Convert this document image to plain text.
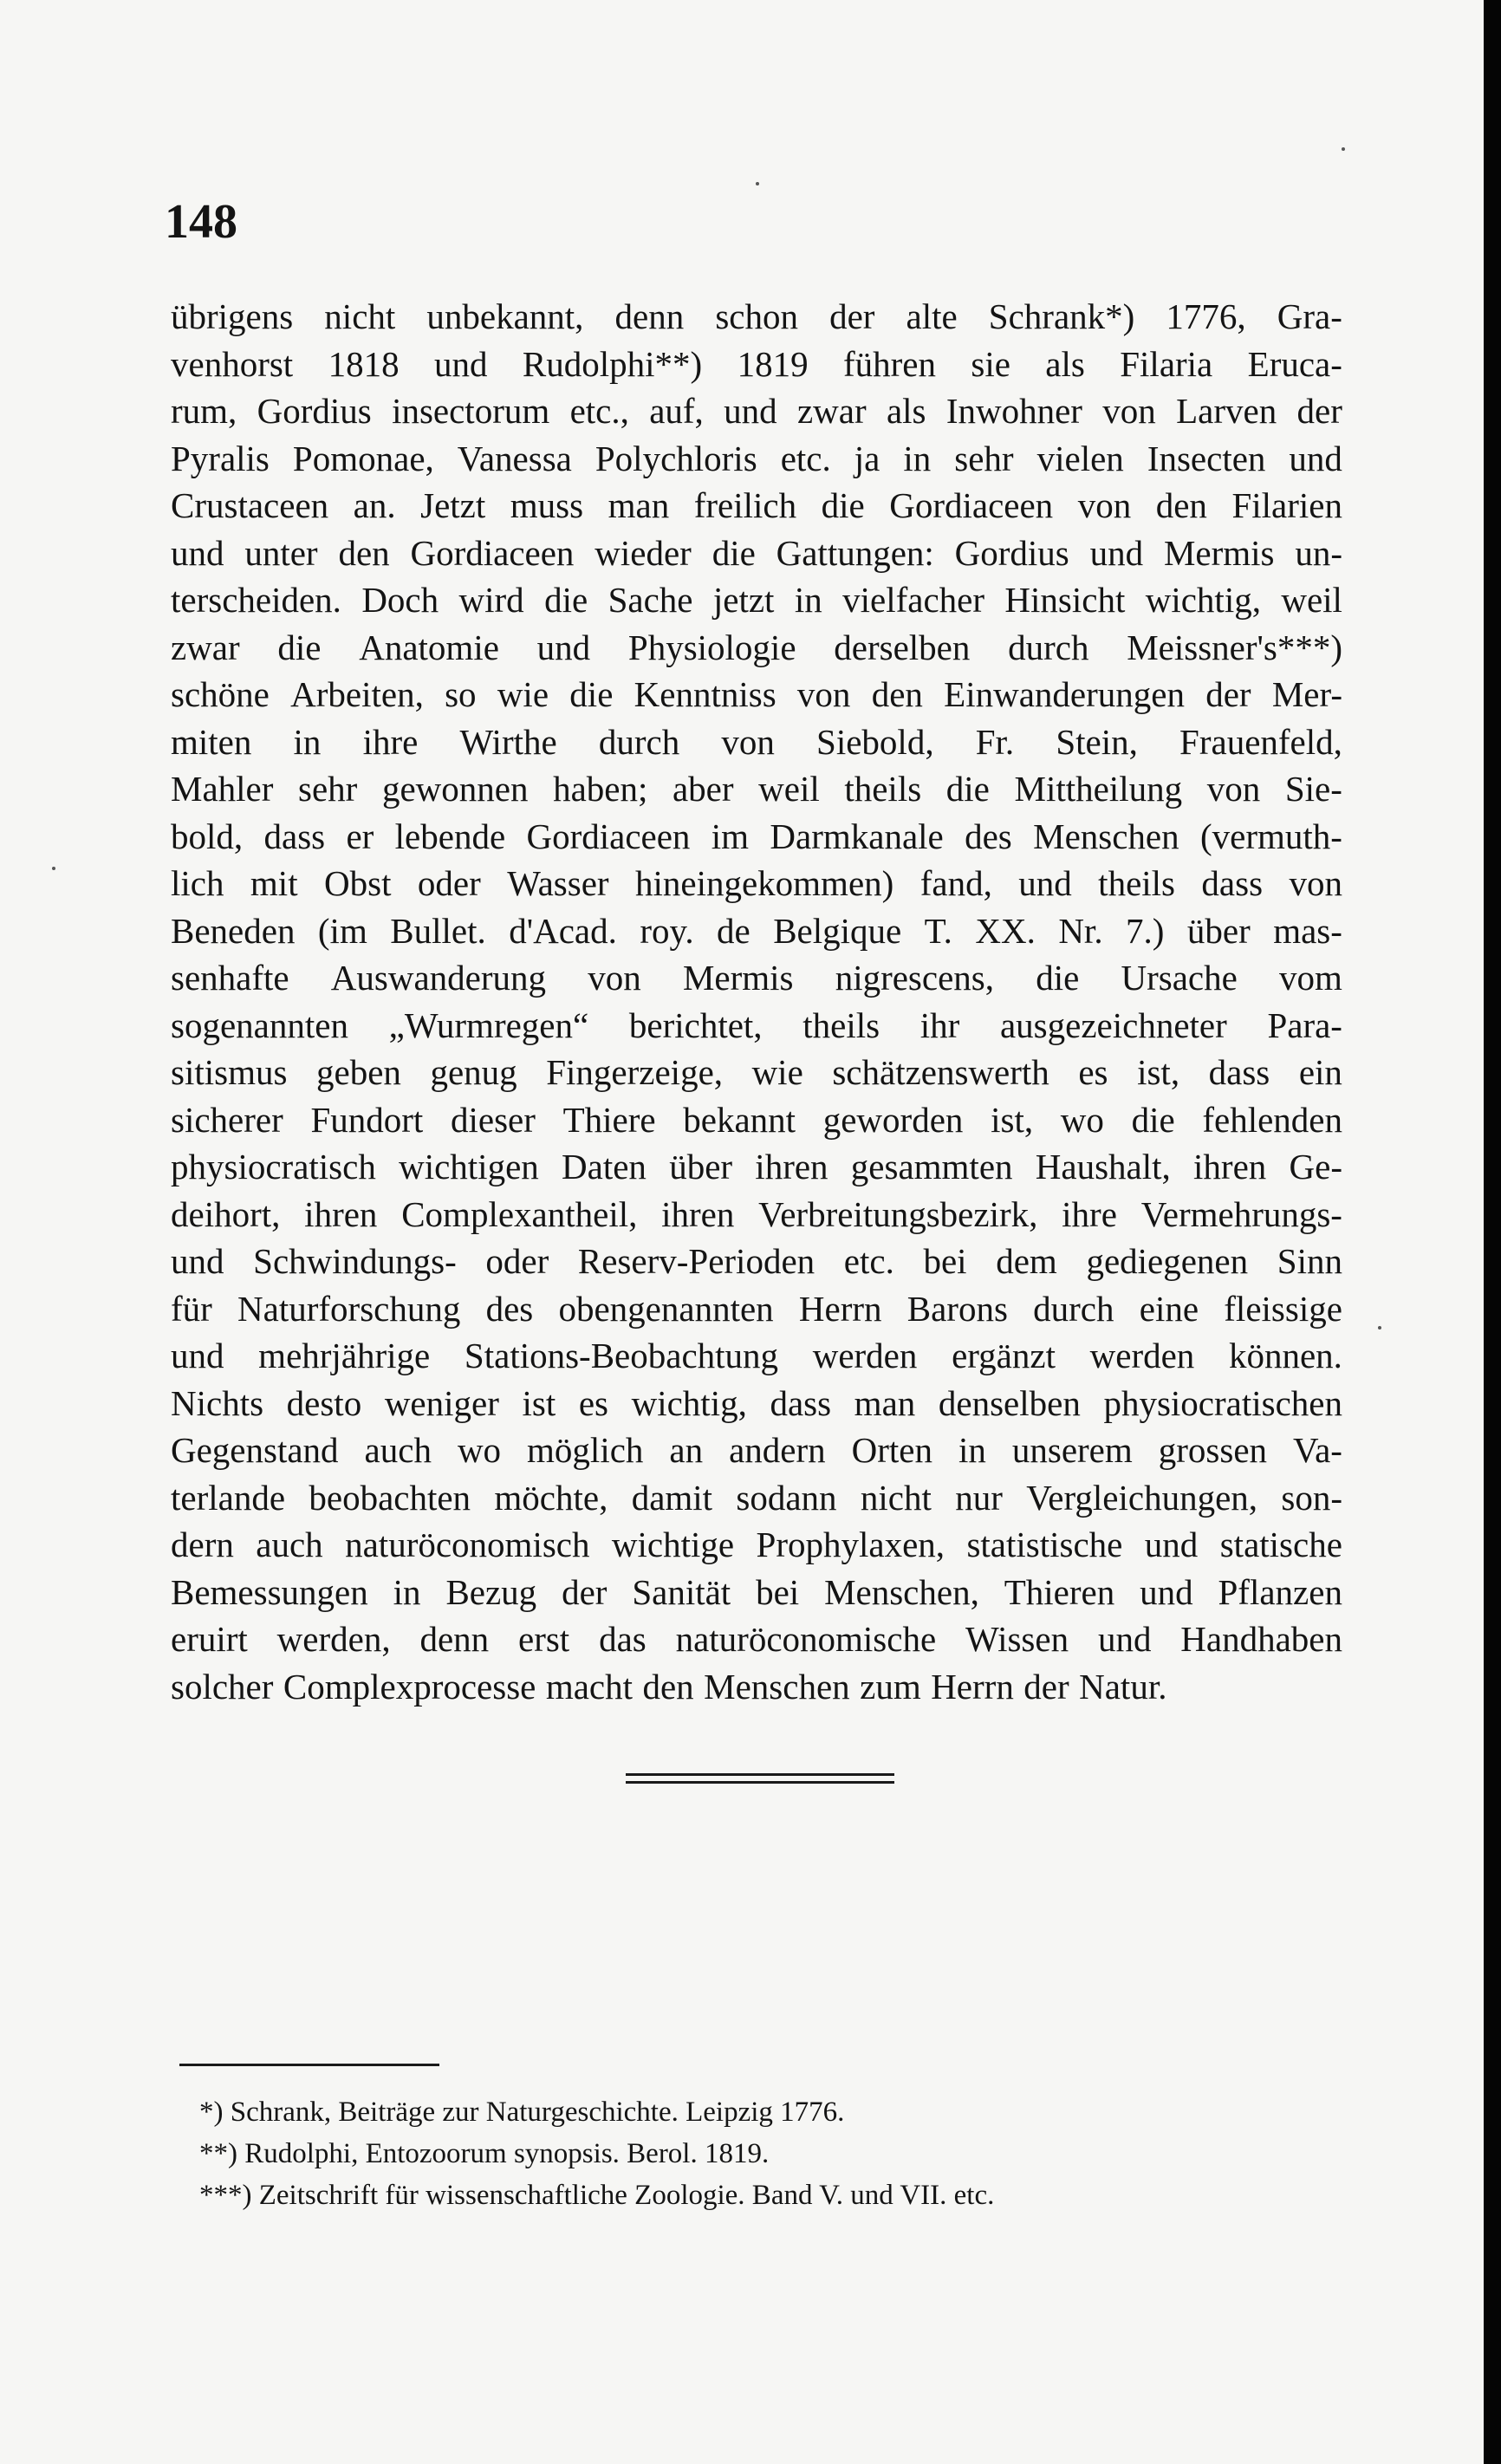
148
übrigens nicht unbekannt, denn schon der alte Schrank*) 1776, Gra-
venhorst 1818 und Rudolphi**) 1819 führen sie als Filaria Eruca-
rum, Gordius insectorum etc., auf, und zwar als Inwohner von Larven der
Pyralis Pomonae, Vanessa Polychloris etc. ja in sehr vielen Insecten und
Crustaceen an. Jetzt muss man freilich die Gordiaceen von den Filarien
und unter den Gordiaceen wieder die Gattungen: Gordius und Mermis un-
terscheiden. Doch wird die Sache jetzt in vielfacher Hinsicht wichtig, weil
zwar die Anatomie und Physiologie derselben durch Meissner's***)
schöne Arbeiten, so wie die Kenntniss von den Einwanderungen der Mer-
miten in ihre Wirthe durch von Siebold, Fr. Stein, Frauenfeld,
Mahler sehr gewonnen haben; aber weil theils die Mittheilung von Sie-
bold, dass er lebende Gordiaceen im Darmkanale des Menschen (vermuth-
lich mit Obst oder Wasser hineingekommen) fand, und theils dass von
Beneden (im Bullet. d'Acad. roy. de Belgique T. XX. Nr. 7.) über mas-
senhafte Auswanderung von Mermis nigrescens, die Ursache vom
sogenannten „Wurmregen“ berichtet, theils ihr ausgezeichneter Para-
sitismus geben genug Fingerzeige, wie schätzenswerth es ist, dass ein
sicherer Fundort dieser Thiere bekannt geworden ist, wo die fehlenden
physiocratisch wichtigen Daten über ihren gesammten Haushalt, ihren Ge-
deihort, ihren Complexantheil, ihren Verbreitungsbezirk, ihre Vermehrungs-
und Schwindungs- oder Reserv-Perioden etc. bei dem gediegenen Sinn
für Naturforschung des obengenannten Herrn Barons durch eine fleissige
und mehrjährige Stations-Beobachtung werden ergänzt werden können.
Nichts desto weniger ist es wichtig, dass man denselben physiocratischen
Gegenstand auch wo möglich an andern Orten in unserem grossen Va-
terlande beobachten möchte, damit sodann nicht nur Vergleichungen, son-
dern auch naturöconomisch wichtige Prophylaxen, statistische und statische
Bemessungen in Bezug der Sanität bei Menschen, Thieren und Pflanzen
eruirt werden, denn erst das naturöconomische Wissen und Handhaben
solcher Complexprocesse macht den Menschen zum Herrn der Natur.
*) Schrank, Beiträge zur Naturgeschichte. Leipzig 1776.
**) Rudolphi, Entozoorum synopsis. Berol. 1819.
***) Zeitschrift für wissenschaftliche Zoologie. Band V. und VII. etc.
